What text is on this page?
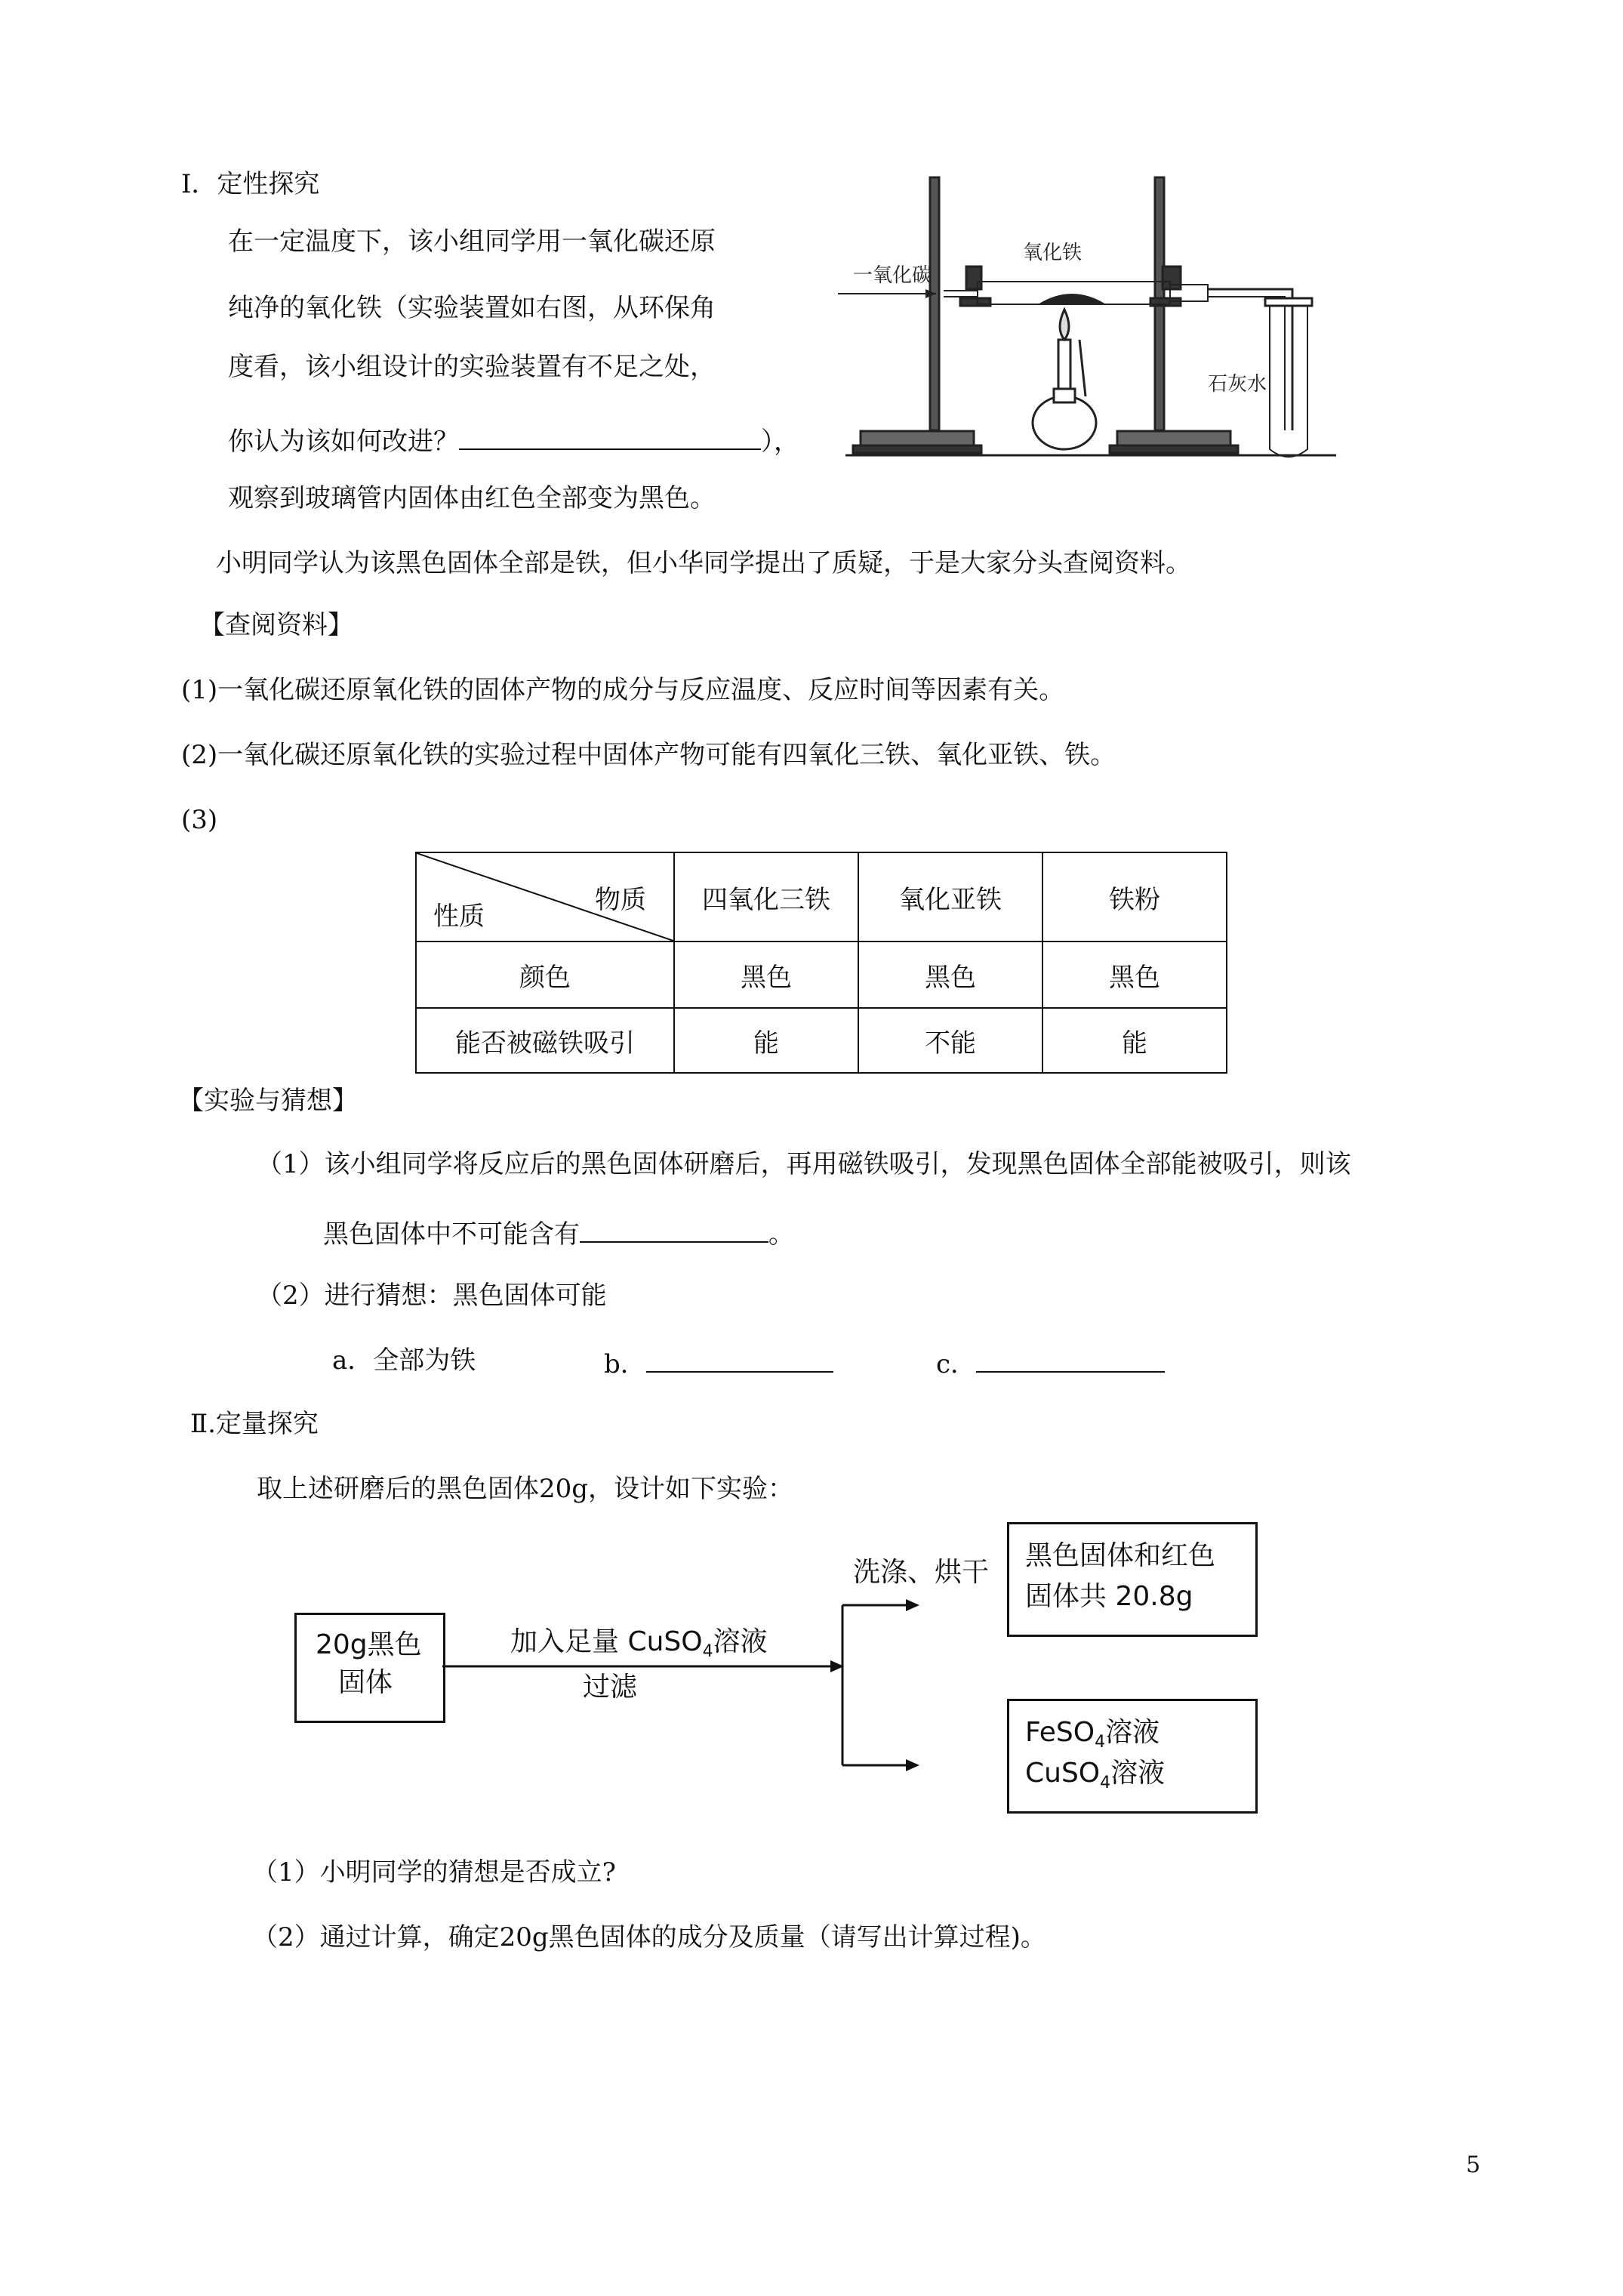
I．定性探究
在一定温度下，该小组同学用一氧化碳还原
纯净的氧化铁（实验装置如右图，从环保角
度看，该小组设计的实验装置有不足之处，
你认为该如何改进？	），
观察到玻璃管内固体由红色全部变为黑色。
小明同学认为该黑色固体全部是铁，但小华同学提出了质疑，于是大家分头查阅资料。
一氧化碳
氧化铁
石灰水
【查阅资料】
(1)一氧化碳还原氧化铁的固体产物的成分与反应温度、反应时间等因素有关。
(2)一氧化碳还原氧化铁的实验过程中固体产物可能有四氧化三铁、氧化亚铁、铁。
(3)
性质
物质	四氧化三铁	氧化亚铁	铁粉
颜色	黑色	黑色	黑色
能否被磁铁吸引	能	不能	能
【实验与猜想】
（1）该小组同学将反应后的黑色固体研磨后，再用磁铁吸引，发现黑色固体全部能被吸引，则该
黑色固体中不可能含有	。
（2）进行猜想：黑色固体可能
a．全部为铁	b．	c．
Ⅱ.定量探究
取上述研磨后的黑色固体20g，设计如下实验：
20g黑色
固体
加入足量 CuSO$_4$溶液
过滤
洗涤、烘干
黑色固体和红色
固体共 20.8g
FeSO$_4$溶液
CuSO$_4$溶液
（1）小明同学的猜想是否成立?
（2）通过计算，确定20g黑色固体的成分及质量（请写出计算过程)。
5
